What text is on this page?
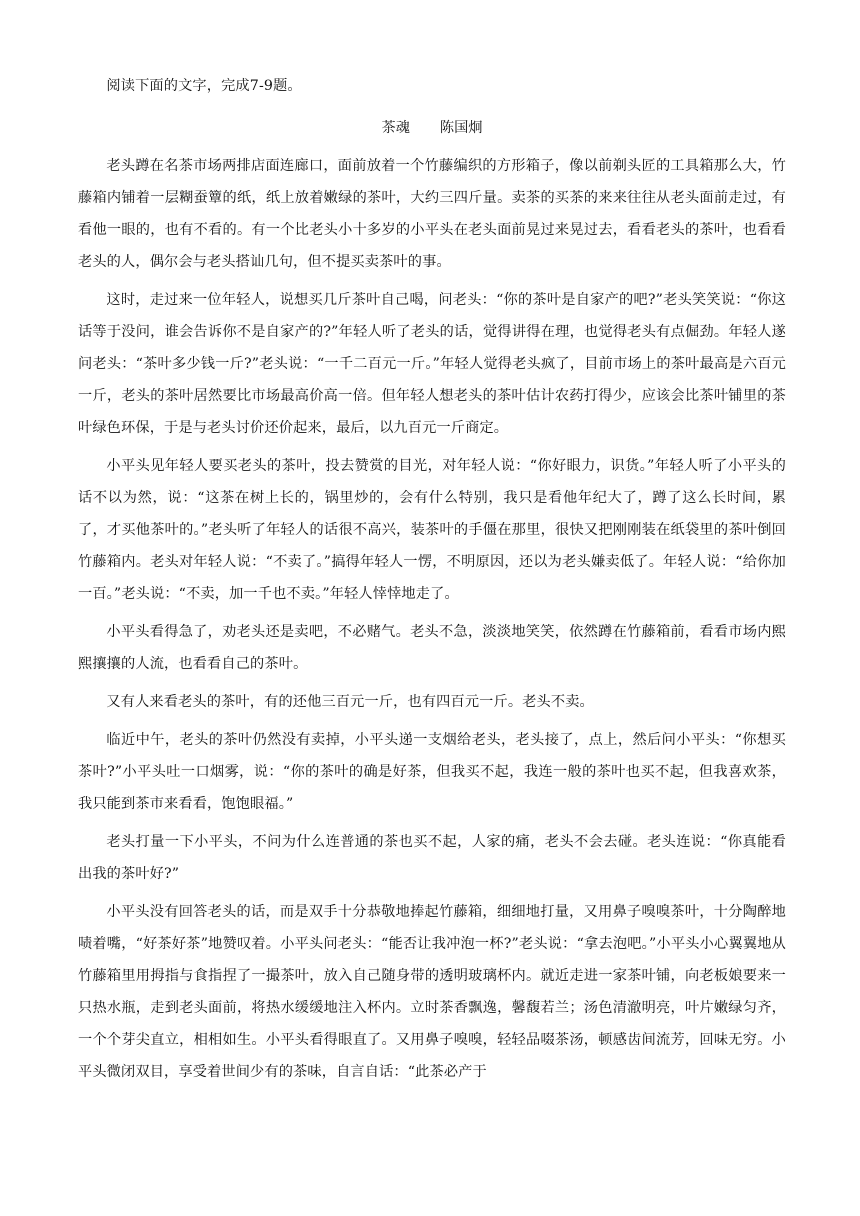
阅读下面的文字，完成7-9题。

茶魂 陈国炯

老头蹲在名茶市场两排店面连廊口，面前放着一个竹藤编织的方形箱子，像以前剃头匠的工具箱那么大，竹藤箱内铺着一层糊蚕簟的纸，纸上放着嫩绿的茶叶，大约三四斤量。卖茶的买茶的来来往往从老头面前走过，有看他一眼的，也有不看的。有一个比老头小十多岁的小平头在老头面前晃过来晃过去，看看老头的茶叶，也看看老头的人，偶尔会与老头搭讪几句，但不提买卖茶叶的事。

这时，走过来一位年轻人，说想买几斤茶叶自己喝，问老头：“你的茶叶是自家产的吧?”老头笑笑说：“你这话等于没问，谁会告诉你不是自家产的?”年轻人听了老头的话，觉得讲得在理，也觉得老头有点倔劲。年轻人遂问老头：“茶叶多少钱一斤?”老头说：“一千二百元一斤。”年轻人觉得老头疯了，目前市场上的茶叶最高是六百元一斤，老头的茶叶居然要比市场最高价高一倍。但年轻人想老头的茶叶估计农药打得少，应该会比茶叶铺里的茶叶绿色环保，于是与老头讨价还价起来，最后，以九百元一斤商定。

小平头见年轻人要买老头的茶叶，投去赞赏的目光，对年轻人说：“你好眼力，识货。”年轻人听了小平头的话不以为然，说：“这茶在树上长的，锅里炒的，会有什么特别，我只是看他年纪大了，蹲了这么长时间，累了，才买他茶叶的。”老头听了年轻人的话很不高兴，装茶叶的手僵在那里，很快又把刚刚装在纸袋里的茶叶倒回竹藤箱内。老头对年轻人说：“不卖了。”搞得年轻人一愣，不明原因，还以为老头嫌卖低了。年轻人说：“给你加一百。”老头说：“不卖，加一千也不卖。”年轻人悻悻地走了。

小平头看得急了，劝老头还是卖吧，不必赌气。老头不急，淡淡地笑笑，依然蹲在竹藤箱前，看看市场内熙熙攘攘的人流，也看看自己的茶叶。

又有人来看老头的茶叶，有的还他三百元一斤，也有四百元一斤。老头不卖。

临近中午，老头的茶叶仍然没有卖掉，小平头递一支烟给老头，老头接了，点上，然后问小平头：“你想买茶叶?”小平头吐一口烟雾，说：“你的茶叶的确是好茶，但我买不起，我连一般的茶叶也买不起，但我喜欢茶，我只能到茶市来看看，饱饱眼福。”

老头打量一下小平头，不问为什么连普通的茶也买不起，人家的痛，老头不会去碰。老头连说：“你真能看出我的茶叶好?”

小平头没有回答老头的话，而是双手十分恭敬地捧起竹藤箱，细细地打量，又用鼻子嗅嗅茶叶，十分陶醉地啧着嘴，“好茶好茶”地赞叹着。小平头问老头：“能否让我冲泡一杯?”老头说：“拿去泡吧。”小平头小心翼翼地从竹藤箱里用拇指与食指捏了一撮茶叶，放入自己随身带的透明玻璃杯内。就近走进一家茶叶铺，向老板娘要来一只热水瓶，走到老头面前，将热水缓缓地注入杯内。立时茶香飘逸，馨馥若兰；汤色清澈明亮，叶片嫩绿匀齐，一个个芽尖直立，相相如生。小平头看得眼直了。又用鼻子嗅嗅，轻轻品啜茶汤，顿感齿间流芳，回味无穷。小平头微闭双目，享受着世间少有的茶味，自言自话：“此茶必产于
